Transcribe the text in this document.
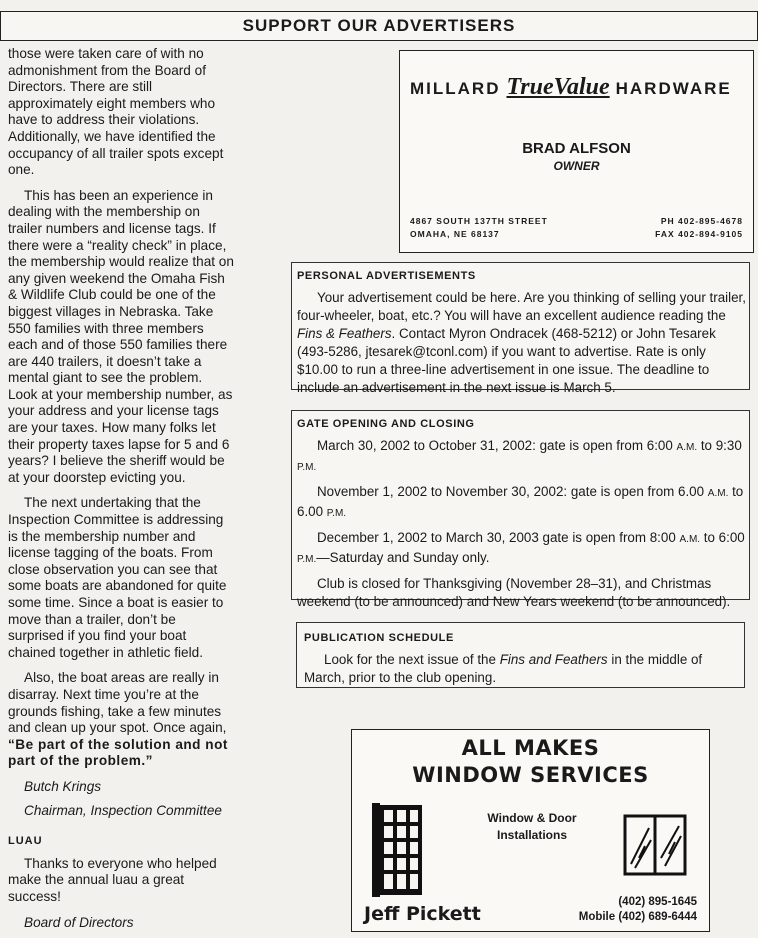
SUPPORT OUR ADVERTISERS

those were taken care of with no admonishment from the Board of Directors. There are still approximately eight members who have to address their violations. Additionally, we have identified the occupancy of all trailer spots except one.

This has been an experience in dealing with the membership on trailer numbers and license tags. If there were a “reality check” in place, the membership would realize that on any given weekend the Omaha Fish & Wildlife Club could be one of the biggest villages in Nebraska. Take 550 families with three members each and of those 550 families there are 440 trailers, it doesn’t take a mental giant to see the problem. Look at your membership number, as your address and your license tags are your taxes. How many folks let their property taxes lapse for 5 and 6 years? I believe the sheriff would be at your doorstep evicting you.

The next undertaking that the Inspection Committee is addressing is the membership number and license tagging of the boats. From close observation you can see that some boats are abandoned for quite some time. Since a boat is easier to move than a trailer, don’t be surprised if you find your boat chained together in athletic field.

Also, the boat areas are really in disarray. Next time you’re at the grounds fishing, take a few minutes and clean up your spot. Once again, “Be part of the solution and not part of the problem.”

Butch Krings

Chairman, Inspection Committee

LUAU

Thanks to everyone who helped make the annual luau a great success!

Board of Directors

MILLARD TrueValue HARDWARE
BRAD ALFSON
OWNER
4867 SOUTH 137TH STREET
OMAHA, NE 68137
PH 402-895-4678
FAX 402-894-9105
PERSONAL ADVERTISEMENTS

Your advertisement could be here. Are you thinking of selling your trailer, four-wheeler, boat, etc.? You will have an excellent audience reading the Fins & Feathers. Contact Myron Ondracek (468-5212) or John Tesarek (493-5286, jtesarek@tconl.com) if you want to advertise. Rate is only $10.00 to run a three-line advertisement in one issue. The deadline to include an advertisement in the next issue is March 5.

GATE OPENING AND CLOSING

March 30, 2002 to October 31, 2002: gate is open from 6:00 A.M. to 9:30 P.M.

November 1, 2002 to November 30, 2002: gate is open from 6.00 A.M. to 6.00 P.M.

December 1, 2002 to March 30, 2003 gate is open from 8:00 A.M. to 6:00 P.M.—Saturday and Sunday only.

Club is closed for Thanksgiving (November 28–31), and Christmas weekend (to be announced) and New Years weekend (to be announced).

PUBLICATION SCHEDULE

Look for the next issue of the Fins and Feathers in the middle of March, prior to the club opening.

ALL MAKES
WINDOW SERVICES
Window & Door
Installations
Jeff Pickett
(402) 895-1645
Mobile (402) 689-6444
